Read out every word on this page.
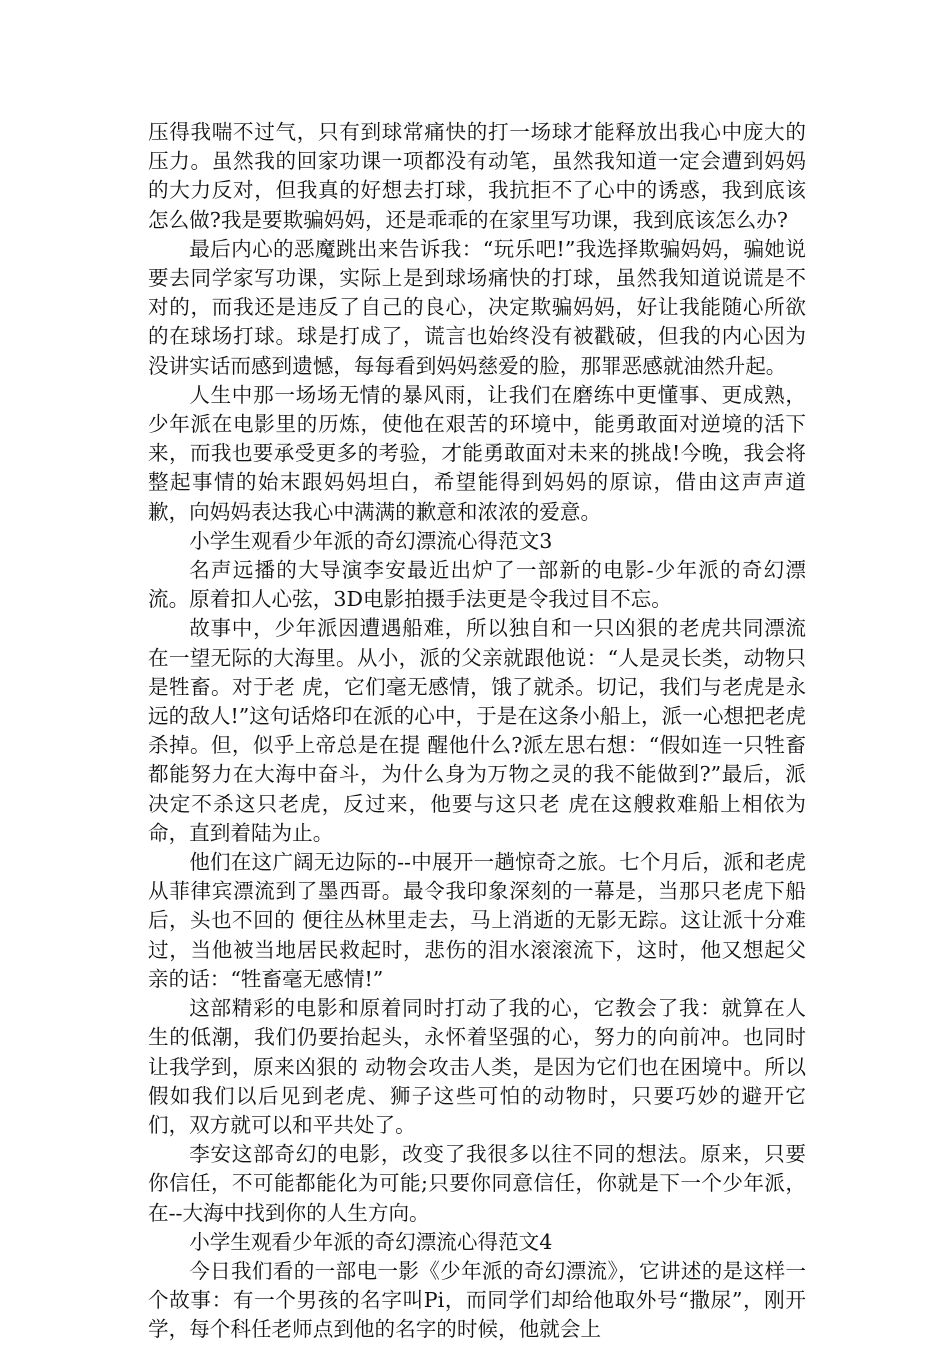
压得我喘不过气，只有到球常痛快的打一场球才能释放出我心中庞大的压力。虽然我的回家功课一项都没有动笔，虽然我知道一定会遭到妈妈的大力反对，但我真的好想去打球，我抗拒不了心中的诱惑，我到底该怎么做?我是要欺骗妈妈，还是乖乖的在家里写功课，我到底该怎么办?

最后内心的恶魔跳出来告诉我：“玩乐吧!”我选择欺骗妈妈，骗她说要去同学家写功课，实际上是到球场痛快的打球，虽然我知道说谎是不对的，而我还是违反了自己的良心，决定欺骗妈妈，好让我能随心所欲的在球场打球。球是打成了，谎言也始终没有被戳破，但我的内心因为没讲实话而感到遗憾，每每看到妈妈慈爱的脸，那罪恶感就油然升起。

人生中那一场场无情的暴风雨，让我们在磨练中更懂事、更成熟，少年派在电影里的历炼，使他在艰苦的环境中，能勇敢面对逆境的活下来，而我也要承受更多的考验，才能勇敢面对未来的挑战!今晚，我会将整起事情的始末跟妈妈坦白，希望能得到妈妈的原谅，借由这声声道歉，向妈妈表达我心中满满的歉意和浓浓的爱意。

小学生观看少年派的奇幻漂流心得范文3

名声远播的大导演李安最近出炉了一部新的电影-少年派的奇幻漂流。原着扣人心弦，3D电影拍摄手法更是令我过目不忘。

故事中，少年派因遭遇船难，所以独自和一只凶狠的老虎共同漂流在一望无际的大海里。从小，派的父亲就跟他说：“人是灵长类，动物只是牲畜。对于老 虎，它们毫无感情，饿了就杀。切记，我们与老虎是永远的敌人!”这句话烙印在派的心中，于是在这条小船上，派一心想把老虎杀掉。但，似乎上帝总是在提 醒他什么?派左思右想：“假如连一只牲畜都能努力在大海中奋斗，为什么身为万物之灵的我不能做到?”最后，派决定不杀这只老虎，反过来，他要与这只老 虎在这艘救难船上相依为命，直到着陆为止。

他们在这广阔无边际的--中展开一趟惊奇之旅。七个月后，派和老虎从菲律宾漂流到了墨西哥。最令我印象深刻的一幕是，当那只老虎下船后，头也不回的 便往丛林里走去，马上消逝的无影无踪。这让派十分难过，当他被当地居民救起时，悲伤的泪水滚滚流下，这时，他又想起父亲的话：“牲畜毫无感情!”

这部精彩的电影和原着同时打动了我的心，它教会了我：就算在人生的低潮，我们仍要抬起头，永怀着坚强的心，努力的向前冲。也同时让我学到，原来凶狠的 动物会攻击人类，是因为它们也在困境中。所以假如我们以后见到老虎、狮子这些可怕的动物时，只要巧妙的避开它们，双方就可以和平共处了。

李安这部奇幻的电影，改变了我很多以往不同的想法。原来，只要你信任，不可能都能化为可能;只要你同意信任，你就是下一个少年派，在--大海中找到你的人生方向。

小学生观看少年派的奇幻漂流心得范文4

今日我们看的一部电一影《少年派的奇幻漂流》，它讲述的是这样一个故事：有一个男孩的名字叫Pi，而同学们却给他取外号“撒尿”，刚开学，每个科任老师点到他的名字的时候，他就会上
